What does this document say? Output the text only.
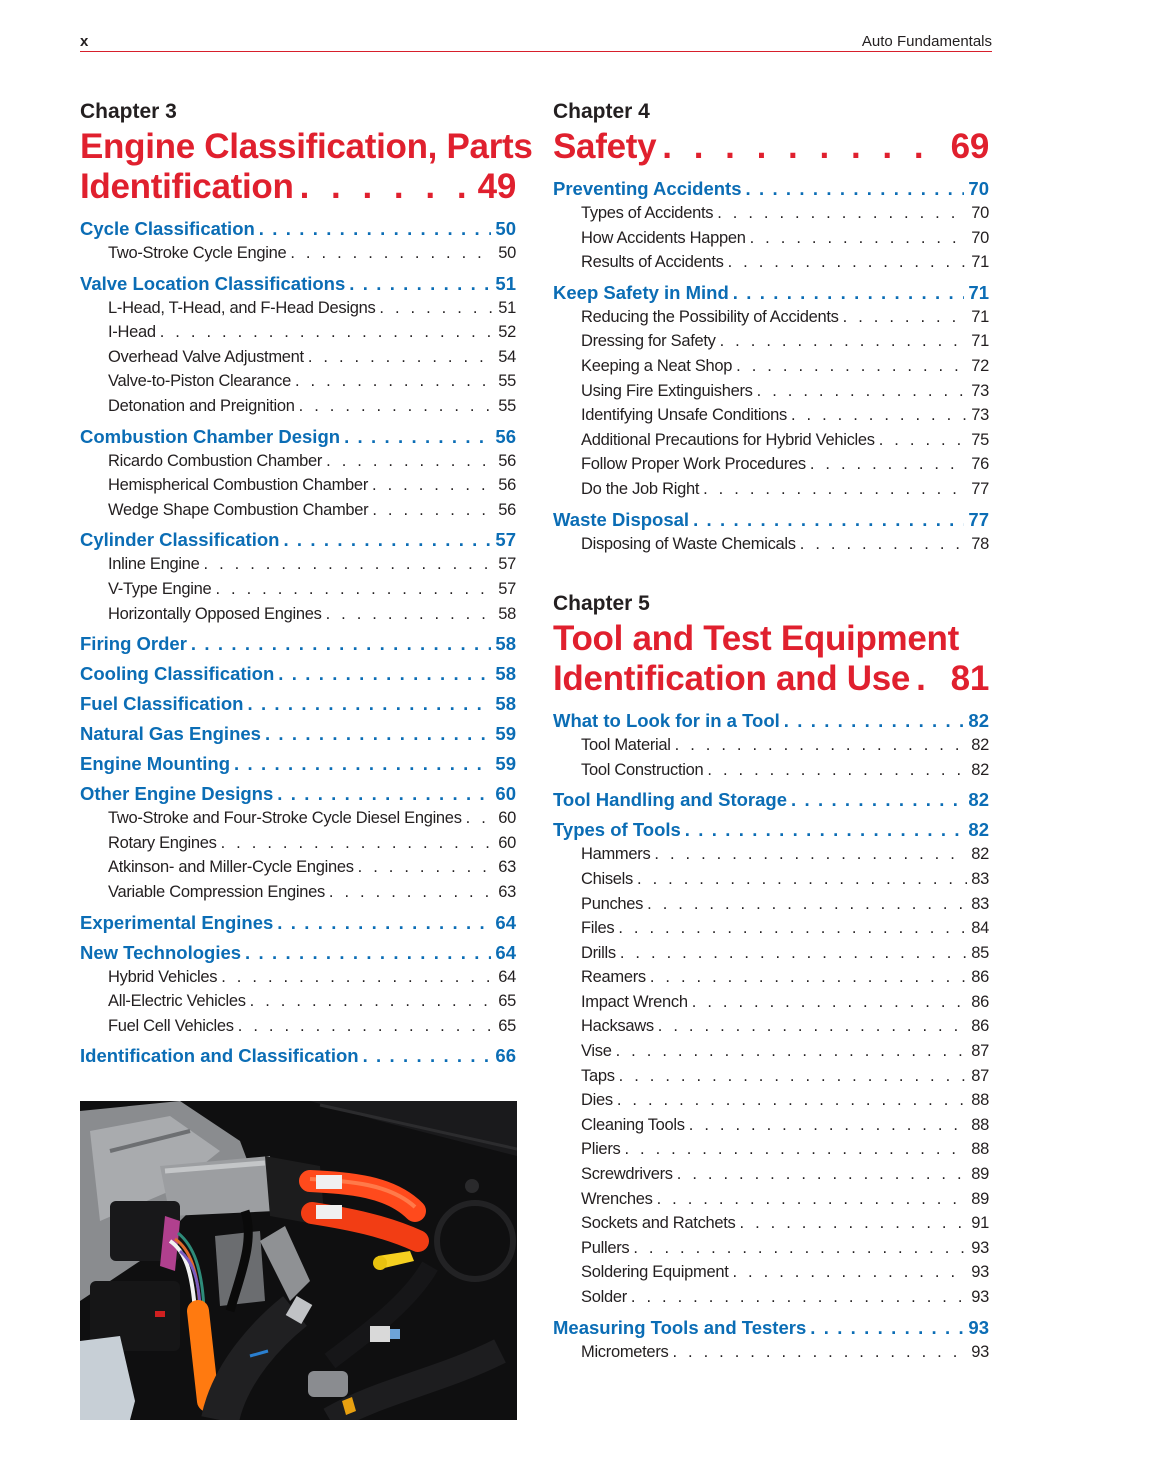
x	Auto Fundamentals
Chapter 3
Engine Classification, Parts
Identification . . .	49
Cycle Classification . . .	50
Two-Stroke Cycle Engine . . .	50
Valve Location Classifications . . .	51
L-Head, T-Head, and F-Head Designs . . .	51
I-Head . . .	52
Overhead Valve Adjustment . . .	54
Valve-to-Piston Clearance . . .	55
Detonation and Preignition . . .	55
Combustion Chamber Design . . .	56
Ricardo Combustion Chamber . . .	56
Hemispherical Combustion Chamber . . .	56
Wedge Shape Combustion Chamber . . .	56
Cylinder Classification . . .	57
Inline Engine . . .	57
V-Type Engine . . .	57
Horizontally Opposed Engines . . .	58
Firing Order . . .	58
Cooling Classification . . .	58
Fuel Classification . . .	58
Natural Gas Engines . . .	59
Engine Mounting . . .	59
Other Engine Designs . . .	60
Two-Stroke and Four-Stroke Cycle Diesel Engines . . . 60
Rotary Engines . . .	60
Atkinson- and Miller-Cycle Engines . . .	63
Variable Compression Engines . . .	63
Experimental Engines . . .	64
New Technologies . . .	64
Hybrid Vehicles . . .	64
All-Electric Vehicles . . .	65
Fuel Cell Vehicles . . .	65
Identification and Classification . . .	66
Chapter 4
Safety . . .	69
Preventing Accidents . . .	70
Types of Accidents . . .	70
How Accidents Happen . . .	70
Results of Accidents . . .	71
Keep Safety in Mind . . .	71
Reducing the Possibility of Accidents . . .	71
Dressing for Safety . . .	71
Keeping a Neat Shop . . .	72
Using Fire Extinguishers . . .	73
Identifying Unsafe Conditions . . .	73
Additional Precautions for Hybrid Vehicles . . .	75
Follow Proper Work Procedures . . .	76
Do the Job Right . . .	77
Waste Disposal . . .	77
Disposing of Waste Chemicals . . .	78
Chapter 5
Tool and Test Equipment
Identification and Use . . . 81
What to Look for in a Tool . . .	82
Tool Material . . .	82
Tool Construction . . .	82
Tool Handling and Storage . . .	82
Types of Tools . . .	82
Hammers . . .	82
Chisels . . .	83
Punches . . .	83
Files . . .	84
Drills . . .	85
Reamers . . .	86
Impact Wrench . . .	86
Hacksaws . . .	86
Vise . . .	87
Taps . . .	87
Dies . . .	88
Cleaning Tools . . .	88
Pliers . . .	88
Screwdrivers . . .	89
Wrenches . . .	89
Sockets and Ratchets . . .	91
Pullers . . .	93
Soldering Equipment . . .	93
Solder . . .	93
Measuring Tools and Testers . . .	93
Micrometers . . .	93
